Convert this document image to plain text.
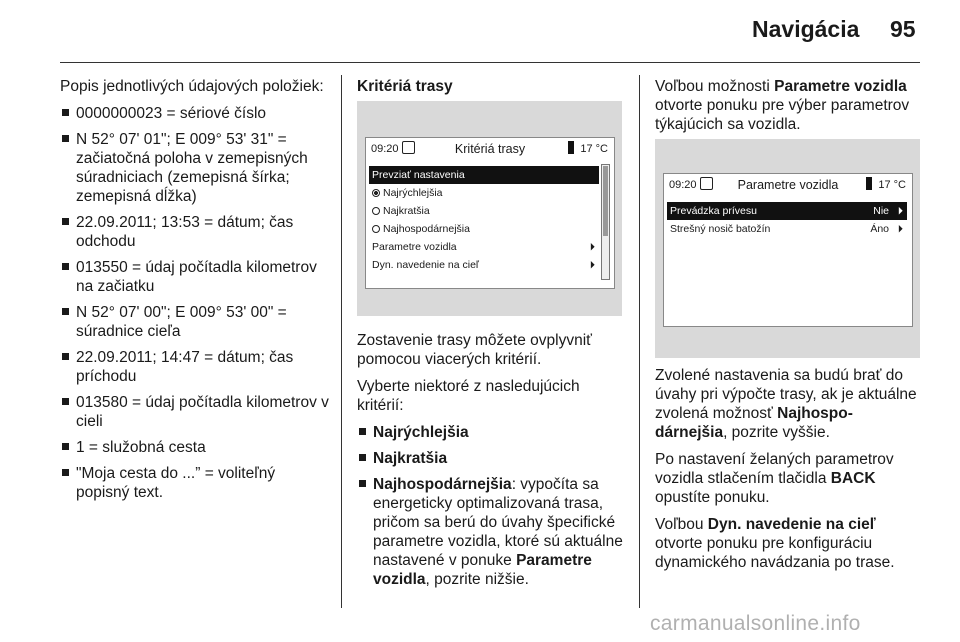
Navigácia 95

Popis jednotlivých údajových položiek:

0000000023 = sériové číslo
N 52° 07' 01"; E 009° 53' 31" = začiatočná poloha v zemepisných súradniciach (zemepisná šírka; zemepisná dĺžka)
22.09.2011; 13:53 = dátum; čas odchodu
013550 = údaj počítadla kilometrov na začiatku
N 52° 07' 00"; E 009° 53' 00" = súradnice cieľa
22.09.2011; 14:47 = dátum; čas príchodu
013580 = údaj počítadla kilometrov v cieli
1 = služobná cesta
"Moja cesta do ...” = voliteľný popisný text.

Kritériá trasy

09:20	Kritériá trasy	17 °C
Prevziať nastavenia
Najrýchlejšia
Najkratšia
Najhospodárnejšia
Parametre vozidla	⏵
Dyn. navedenie na cieľ	⏵

Zostavenie trasy môžete ovplyvniť pomocou viacerých kritérií.

Vyberte niektoré z nasledujúcich kritérií:

Najrýchlejšia
Najkratšia
Najhospodárnejšia: vypočíta sa energeticky optimalizovaná trasa, pričom sa berú do úvahy špecifické parametre vozidla, ktoré sú aktuálne nastavené v ponuke Parametre vozidla, pozrite nižšie.

Voľbou možnosti Parametre vozidla otvorte ponuku pre výber parametrov týkajúcich sa vozidla.

09:20	Parametre vozidla	17 °C
Prevádzka prívesu	Nie ⏵
Strešný nosič batožín	Áno ⏵

Zvolené nastavenia sa budú brať do úvahy pri výpočte trasy, ak je aktuálne zvolená možnosť Najhospo-dárnejšia, pozrite vyššie.

Po nastavení želaných parametrov vozidla stlačením tlačidla BACK opustíte ponuku.

Voľbou Dyn. navedenie na cieľ otvorte ponuku pre konfiguráciu dynamického navádzania po trase.

carmanualsonline.info
